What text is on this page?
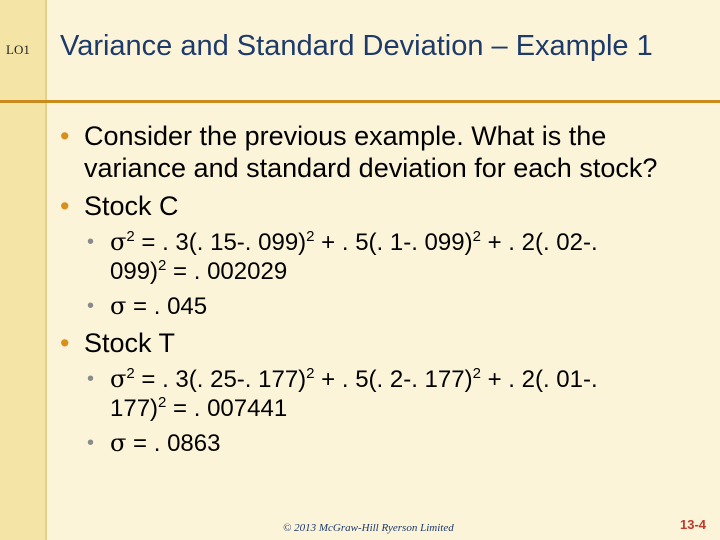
LO1 Variance and Standard Deviation – Example 1
• Consider the previous example. What is the variance and standard deviation for each stock?
• Stock C
• $\sigma^2$ = . 3(. 15-. 099)$^2$ + . 5(. 1-. 099)$^2$ + . 2(. 02-. 099)$^2$ = . 002029
• σ = . 045
• Stock T
• $\sigma^2$ = . 3(. 25-. 177)$^2$ + . 5(. 2-. 177)$^2$ + . 2(. 01-. 177)$^2$ = . 007441
• σ = . 0863
© 2013 McGraw-Hill Ryerson Limited	13-4
